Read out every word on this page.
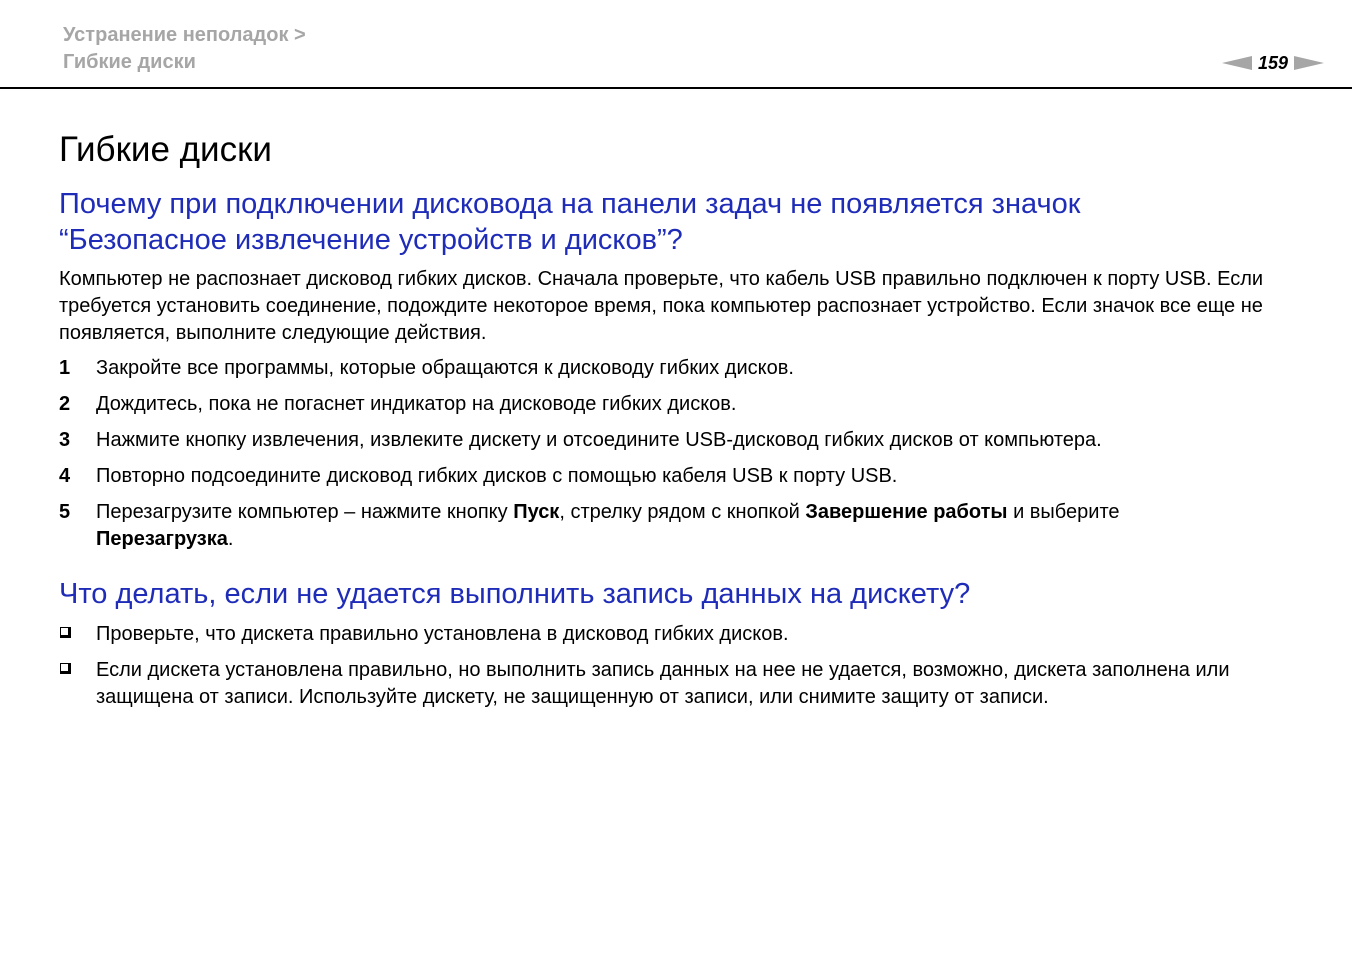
Устранение неполадок >
Гибкие диски	159
Гибкие диски
Почему при подключении дисковода на панели задач не появляется значок
“Безопасное извлечение устройств и дисков”?

Компьютер не распознает дисковод гибких дисков. Сначала проверьте, что кабель USB правильно подключен к порту USB. Если требуется установить соединение, подождите некоторое время, пока компьютер распознает устройство. Если значок все еще не появляется, выполните следующие действия.

1	Закройте все программы, которые обращаются к дисководу гибких дисков.
2	Дождитесь, пока не погаснет индикатор на дисководе гибких дисков.
3	Нажмите кнопку извлечения, извлеките дискету и отсоедините USB-дисковод гибких дисков от компьютера.
4	Повторно подсоедините дисковод гибких дисков с помощью кабеля USB к порту USB.
5	Перезагрузите компьютер – нажмите кнопку Пуск, стрелку рядом с кнопкой Завершение работы и выберите
Перезагрузка.
Что делать, если не удается выполнить запись данных на дискету?
Проверьте, что дискета правильно установлена в дисковод гибких дисков.
Если дискета установлена правильно, но выполнить запись данных на нее не удается, возможно, дискета заполнена или защищена от записи. Используйте дискету, не защищенную от записи, или снимите защиту от записи.
